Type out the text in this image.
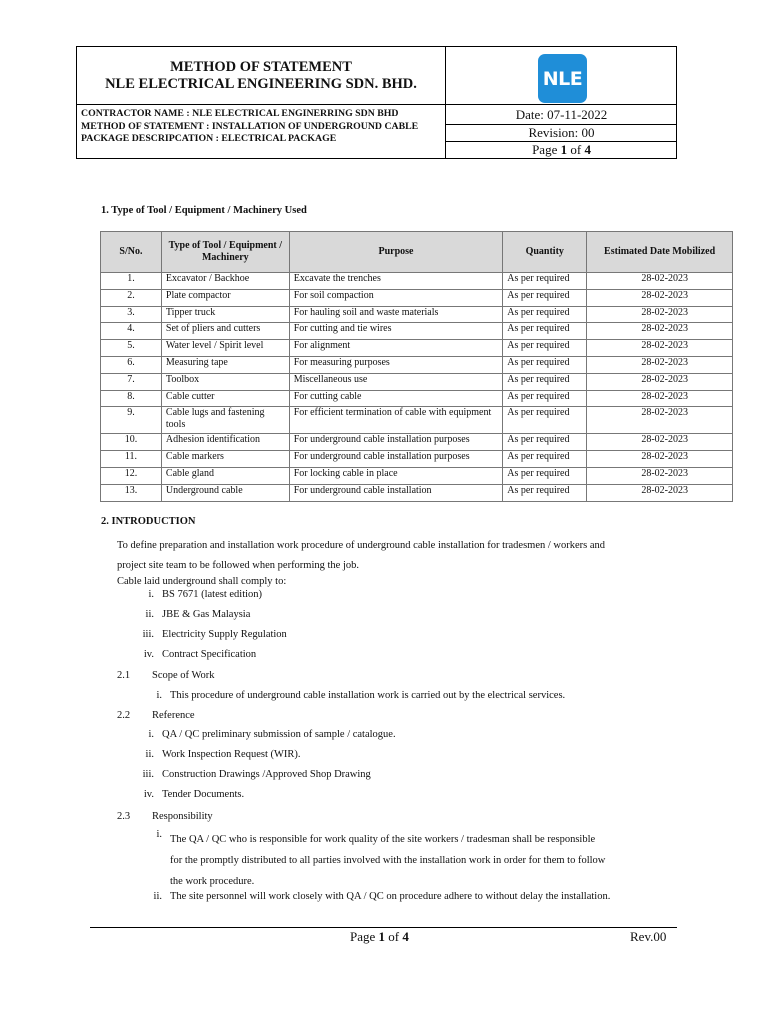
METHOD OF STATEMENT
NLE ELECTRICAL ENGINEERING SDN. BHD.
CONTRACTOR NAME : NLE ELECTRICAL ENGINERRING SDN BHD
METHOD OF STATEMENT : INSTALLATION OF UNDERGROUND CABLE
PACKAGE DESCRIPCATION : ELECTRICAL PACKAGE
NLE
Date: 07-11-2022
Revision: 00
Page 1 of 4
1. Type of Tool / Equipment / Machinery Used
S/No.	Type of Tool / Equipment / Machinery	Purpose	Quantity	Estimated Date Mobilized
1.	Excavator / Backhoe	Excavate the trenches	As per required	28-02-2023
2.	Plate compactor	For soil compaction	As per required	28-02-2023
3.	Tipper truck	For hauling soil and waste materials	As per required	28-02-2023
4.	Set of pliers and cutters	For cutting and tie wires	As per required	28-02-2023
5.	Water level / Spirit level	For alignment	As per required	28-02-2023
6.	Measuring tape	For measuring purposes	As per required	28-02-2023
7.	Toolbox	Miscellaneous use	As per required	28-02-2023
8.	Cable cutter	For cutting cable	As per required	28-02-2023
9.	Cable lugs and fastening tools	For efficient termination of cable with equipment	As per required	28-02-2023
10.	Adhesion identification	For underground cable installation purposes	As per required	28-02-2023
11.	Cable markers	For underground cable installation purposes	As per required	28-02-2023
12.	Cable gland	For locking cable in place	As per required	28-02-2023
13.	Underground cable	For underground cable installation	As per required	28-02-2023
2. INTRODUCTION
To define preparation and installation work procedure of underground cable installation for tradesmen / workers and
project site team to be followed when performing the job.
Cable laid underground shall comply to:
i. BS 7671 (latest edition)
ii. JBE & Gas Malaysia
iii. Electricity Supply Regulation
iv. Contract Specification
2.1 Scope of Work
i. This procedure of underground cable installation work is carried out by the electrical services.
2.2 Reference
i. QA / QC preliminary submission of sample / catalogue.
ii. Work Inspection Request (WIR).
iii. Construction Drawings /Approved Shop Drawing
iv. Tender Documents.
2.3 Responsibility
i. The QA / QC who is responsible for work quality of the site workers / tradesman shall be responsible
for the promptly distributed to all parties involved with the installation work in order for them to follow
the work procedure.
ii. The site personnel will work closely with QA / QC on procedure adhere to without delay the installation.
Page 1 of 4	Rev.00
